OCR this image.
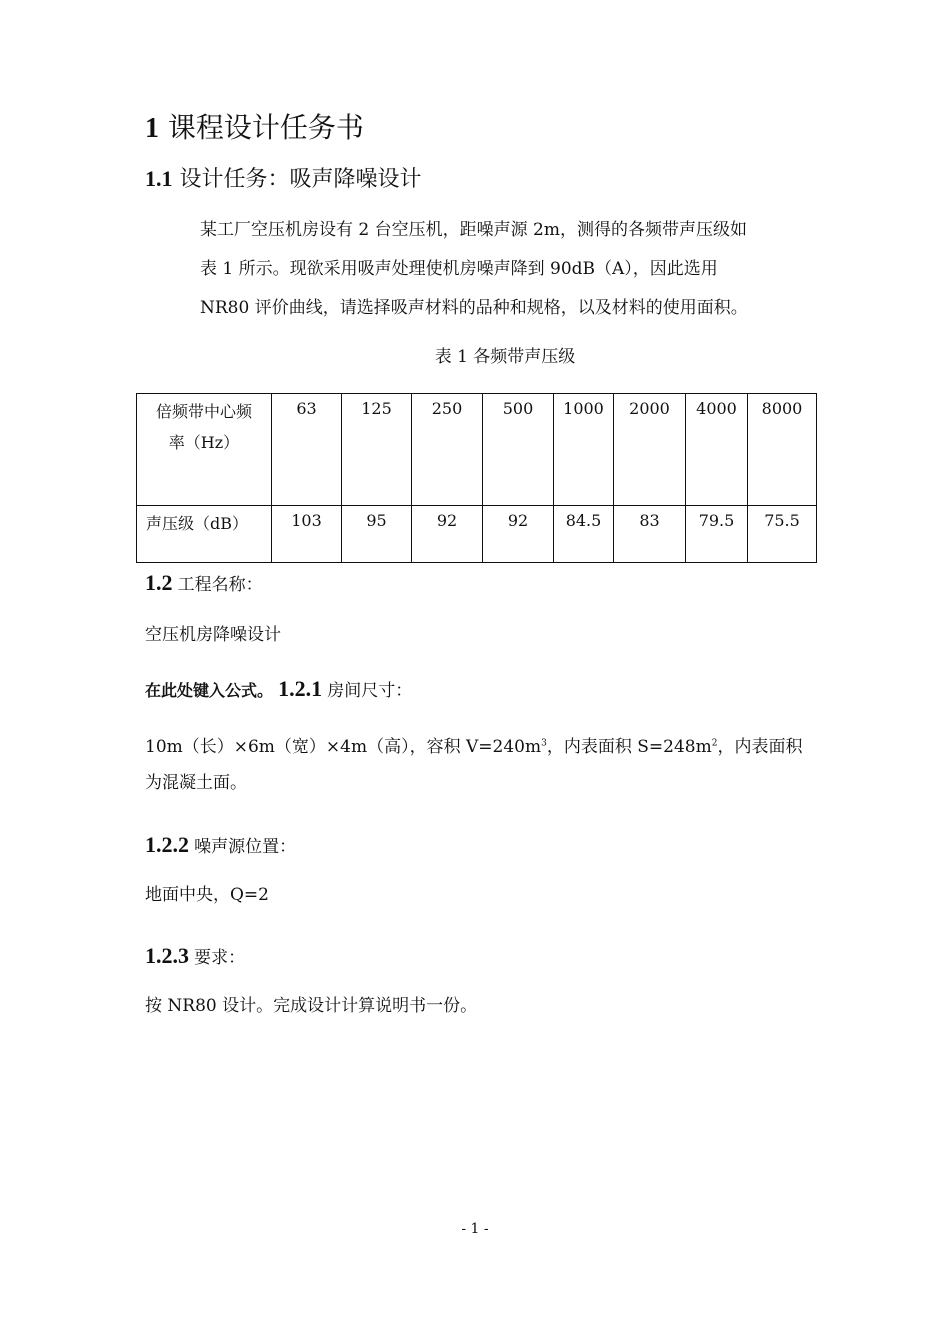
1 课程设计任务书
1.1 设计任务：吸声降噪设计
某工厂空压机房设有 2 台空压机，距噪声源 2m，测得的各频带声压级如
表 1 所示。现欲采用吸声处理使机房噪声降到 90dB（A），因此选用
NR80 评价曲线，请选择吸声材料的品种和规格，以及材料的使用面积。
表 1 各频带声压级
倍频带中心频
率（Hz）	63	125	250	500	1000	2000	4000	8000
声压级（dB）	103	95	92	92	84.5	83	79.5	75.5
1.2 工程名称：
空压机房降噪设计
在此处键入公式。 1.2.1 房间尺寸：
10m（长）×6m（宽）×4m（高），容积 $V=240m^3$，内表面积 $S=248m^2$，内表面积
为混凝土面。
1.2.2 噪声源位置：
地面中央，Q=2
1.2.3 要求：
按 NR80 设计。完成设计计算说明书一份。
- 1 -
